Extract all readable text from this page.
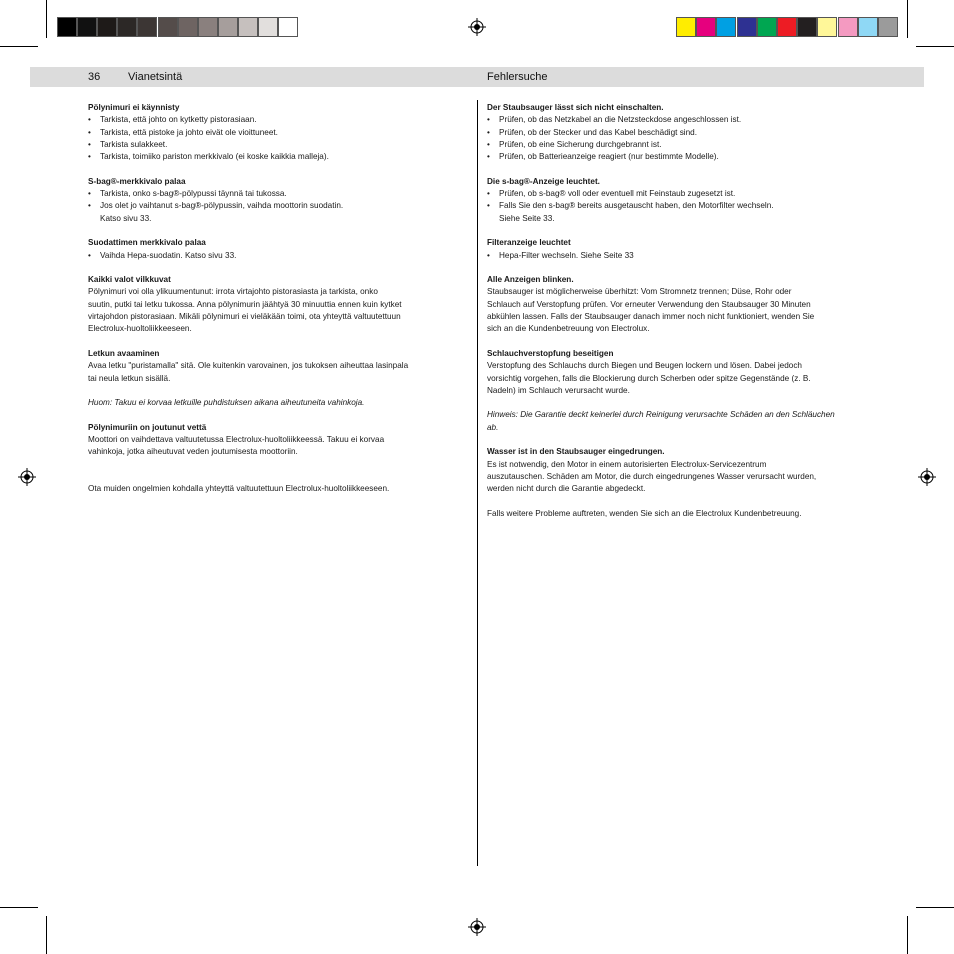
36	Vianetsintä	Fehlersuche
Pölynimuri ei käynnisty
• Tarkista, että johto on kytketty pistorasiaan.
• Tarkista, että pistoke ja johto eivät ole vioittuneet.
• Tarkista sulakkeet.
• Tarkista, toimiiko pariston merkkivalo (ei koske kaikkia malleja).
S-bag®-merkkivalo palaa
• Tarkista, onko s-bag®-pölypussi täynnä tai tukossa.
• Jos olet jo vaihtanut s-bag®-pölypussin, vaihda moottorin suodatin.
Katso sivu 33.
Suodattimen merkkivalo palaa
• Vaihda Hepa-suodatin. Katso sivu 33.
Kaikki valot vilkkuvat
Pölynimuri voi olla ylikuumentunut: irrota virtajohto pistorasiasta ja tarkista, onko
suutin, putki tai letku tukossa. Anna pölynimurin jäähtyä 30 minuuttia ennen kuin kytket
virtajohdon pistorasiaan. Mikäli pölynimuri ei vieläkään toimi, ota yhteyttä valtuutettuun
Electrolux-huoltoliikkeeseen.
Letkun avaaminen
Avaa letku "puristamalla" sitä. Ole kuitenkin varovainen, jos tukoksen aiheuttaa lasinpala
tai neula letkun sisällä.
Huom: Takuu ei korvaa letkuille puhdistuksen aikana aiheutuneita vahinkoja.
Pölynimuriin on joutunut vettä
Moottori on vaihdettava valtuutetussa Electrolux-huoltoliikkeessä. Takuu ei korvaa
vahinkoja, jotka aiheutuvat veden joutumisesta moottoriin.
Ota muiden ongelmien kohdalla yhteyttä valtuutettuun Electrolux-huoltoliikkeeseen.
Der Staubsauger lässt sich nicht einschalten.
• Prüfen, ob das Netzkabel an die Netzsteckdose angeschlossen ist.
• Prüfen, ob der Stecker und das Kabel beschädigt sind.
• Prüfen, ob eine Sicherung durchgebrannt ist.
• Prüfen, ob Batterieanzeige reagiert (nur bestimmte Modelle).
Die s-bag®-Anzeige leuchtet.
• Prüfen, ob s-bag® voll oder eventuell mit Feinstaub zugesetzt ist.
• Falls Sie den s-bag® bereits ausgetauscht haben, den Motorfilter wechseln.
Siehe Seite 33.
Filteranzeige leuchtet
• Hepa-Filter wechseln. Siehe Seite 33
Alle Anzeigen blinken.
Staubsauger ist möglicherweise überhitzt: Vom Stromnetz trennen; Düse, Rohr oder
Schlauch auf Verstopfung prüfen. Vor erneuter Verwendung den Staubsauger 30 Minuten
abkühlen lassen. Falls der Staubsauger danach immer noch nicht funktioniert, wenden Sie
sich an die Kundenbetreuung von Electrolux.
Schlauchverstopfung beseitigen
Verstopfung des Schlauchs durch Biegen und Beugen lockern und lösen. Dabei jedoch
vorsichtig vorgehen, falls die Blockierung durch Scherben oder spitze Gegenstände (z. B.
Nadeln) im Schlauch verursacht wurde.
Hinweis: Die Garantie deckt keinerlei durch Reinigung verursachte Schäden an den Schläuchen
ab.
Wasser ist in den Staubsauger eingedrungen.
Es ist notwendig, den Motor in einem autorisierten Electrolux-Servicezentrum
auszutauschen. Schäden am Motor, die durch eingedrungenes Wasser verursacht wurden,
werden nicht durch die Garantie abgedeckt.
Falls weitere Probleme auftreten, wenden Sie sich an die Electrolux Kundenbetreuung.
